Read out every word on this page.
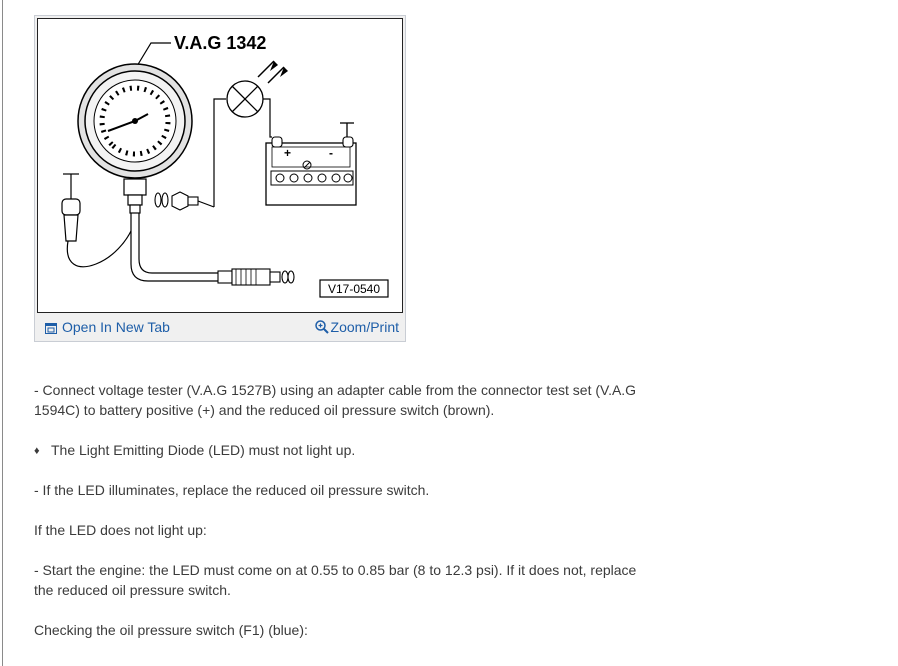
V.A.G 1342
+	-
V17-0540
Open In New Tab	Zoom/Print
- Connect voltage tester (V.A.G 1527B) using an adapter cable from the connector test set (V.A.G
1594C) to battery positive (+) and the reduced oil pressure switch (brown).
♦ The Light Emitting Diode (LED) must not light up.
- If the LED illuminates, replace the reduced oil pressure switch.
If the LED does not light up:
- Start the engine: the LED must come on at 0.55 to 0.85 bar (8 to 12.3 psi). If it does not, replace
the reduced oil pressure switch.
Checking the oil pressure switch (F1) (blue):
